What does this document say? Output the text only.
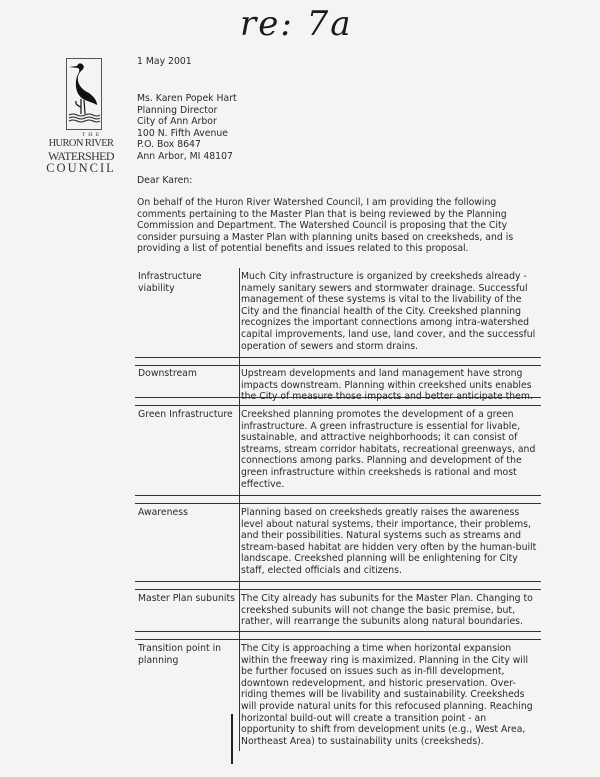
re: 7a
THE
HURON RIVER
WATERSHED
COUNCIL
1 May 2001
Ms. Karen Popek Hart
Planning Director
City of Ann Arbor
100 N. Fifth Avenue
P.O. Box 8647
Ann Arbor, MI 48107
Dear Karen:
On behalf of the Huron River Watershed Council, I am providing the following comments pertaining to the Master Plan that is being reviewed by the Planning Commission and Department. The Watershed Council is proposing that the City consider pursuing a Master Plan with planning units based on creeksheds, and is providing a list of potential benefits and issues related to this proposal.
Infrastructure viability
Much City infrastructure is organized by creeksheds already - namely sanitary sewers and stormwater drainage. Successful management of these systems is vital to the livability of the City and the financial health of the City. Creekshed planning recognizes the important connections among intra-watershed capital improvements, land use, land cover, and the successful operation of sewers and storm drains.
Downstream	Upstream developments and land management have strong impacts downstream. Planning within creekshed units enables the City of measure those impacts and better anticipate them.
Green Infrastructure Creekshed planning promotes the development of a green infrastructure. A green infrastructure is essential for livable, sustainable, and attractive neighborhoods; it can consist of streams, stream corridor habitats, recreational greenways, and connections among parks. Planning and development of the green infrastructure within creeksheds is rational and most effective.
Awareness	Planning based on creeksheds greatly raises the awareness level about natural systems, their importance, their problems, and their possibilities. Natural systems such as streams and stream-based habitat are hidden very often by the human-built landscape. Creekshed planning will be enlightening for City staff, elected officials and citizens.
Master Plan subunits The City already has subunits for the Master Plan. Changing to creekshed subunits will not change the basic premise, but, rather, will rearrange the subunits along natural boundaries.
Transition point in planning
The City is approaching a time when horizontal expansion within the freeway ring is maximized. Planning in the City will be further focused on issues such as in-fill development, downtown redevelopment, and historic preservation. Over-riding themes will be livability and sustainability. Creeksheds will provide natural units for this refocused planning. Reaching horizontal build-out will create a transition point - an opportunity to shift from development units (e.g., West Area, Northeast Area) to sustainability units (creeksheds).
